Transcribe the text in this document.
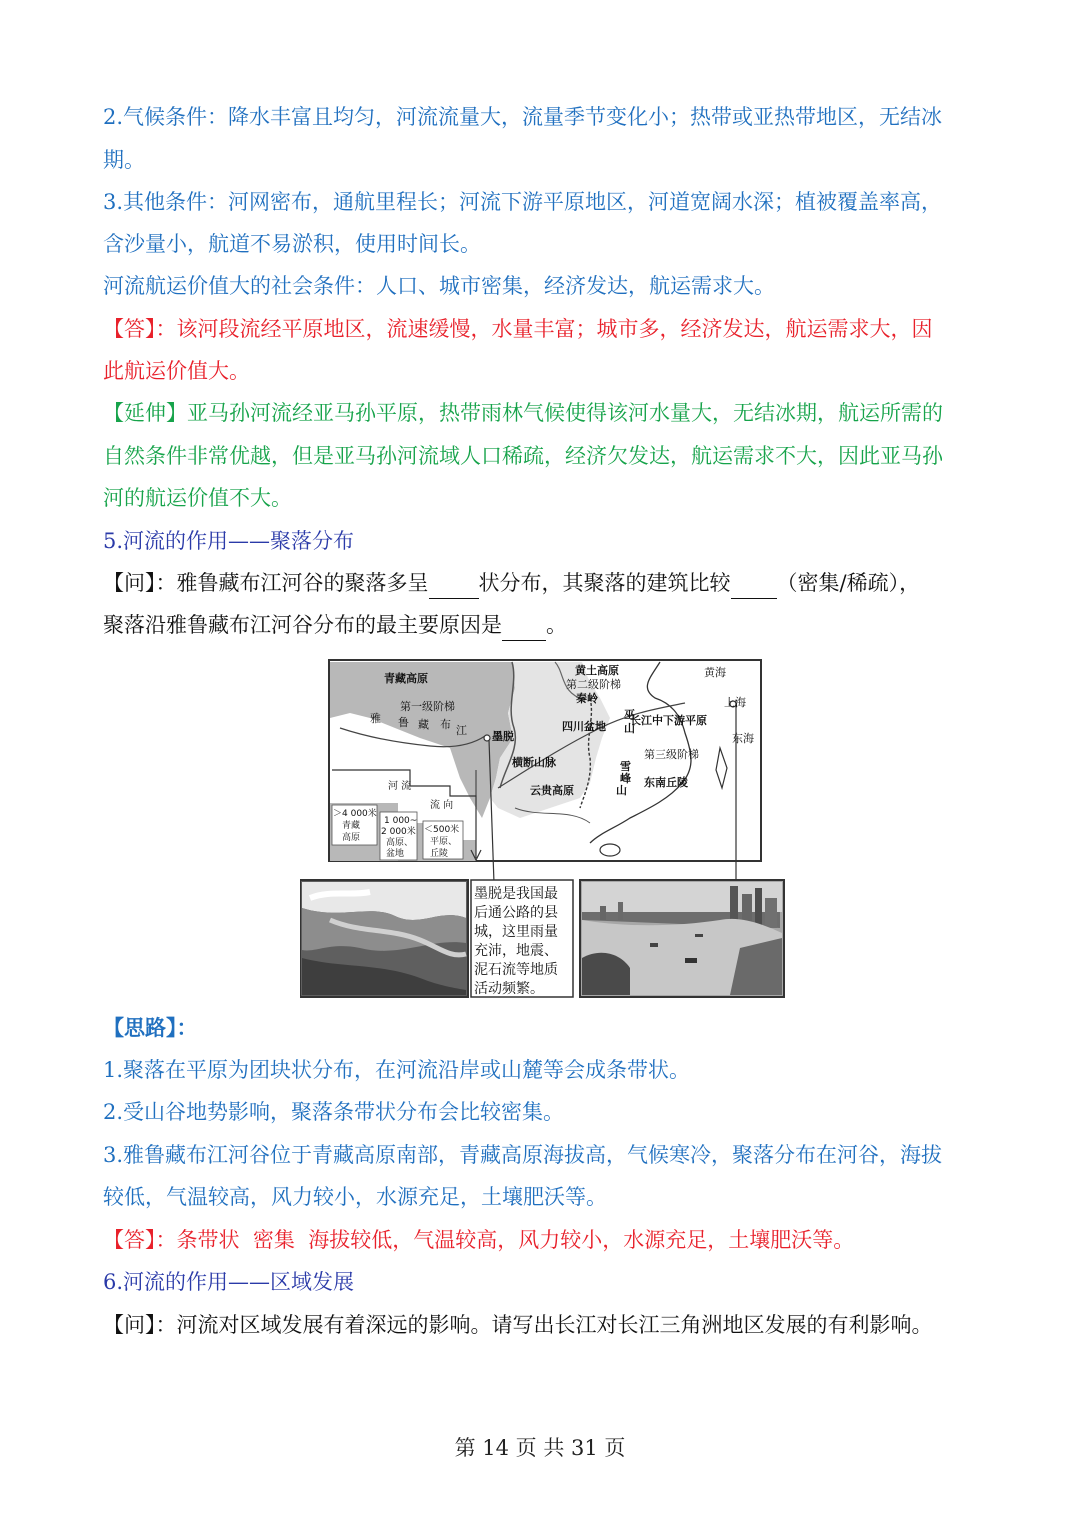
2.气候条件：降水丰富且均匀，河流流量大，流量季节变化小；热带或亚热带地区，无结冰
期。
3.其他条件：河网密布，通航里程长；河流下游平原地区，河道宽阔水深；植被覆盖率高，
含沙量小，航道不易淤积，使用时间长。
河流航运价值大的社会条件：人口、城市密集，经济发达，航运需求大。
【答】：该河段流经平原地区，流速缓慢，水量丰富；城市多，经济发达，航运需求大，因
此航运价值大。
【延伸】亚马孙河流经亚马孙平原，热带雨林气候使得该河水量大，无结冰期，航运所需的
自然条件非常优越，但是亚马孙河流域人口稀疏，经济欠发达，航运需求不大，因此亚马孙
河的航运价值不大。
5.河流的作用——聚落分布
【问】：雅鲁藏布江河谷的聚落多呈 状分布，其聚落的建筑比较 （密集/稀疏），
聚落沿雅鲁藏布江河谷分布的最主要原因是 。
青藏高原
第一级阶梯
雅 鲁 藏 布 江 墨脱
黄土高原
第二级阶梯
秦岭
四川盆地
横断山脉
云贵高原
巫
山
雪
峰
山
长江中下游平原
第三级阶梯
东南丘陵
黄海
上海
东海
河 流
流 向
＞4 000米
青藏
高原
1 000~
2 000米
高原、
盆地
＜500米
平原、
丘陵
墨脱是我国最
后通公路的县
城，这里雨量
充沛，地震、
泥石流等地质
活动频繁。
【思路】：
1.聚落在平原为团块状分布，在河流沿岸或山麓等会成条带状。
2.受山谷地势影响，聚落条带状分布会比较密集。
3.雅鲁藏布江河谷位于青藏高原南部，青藏高原海拔高，气候寒冷，聚落分布在河谷，海拔
较低，气温较高，风力较小，水源充足，土壤肥沃等。
【答】：条带状  密集  海拔较低，气温较高，风力较小，水源充足，土壤肥沃等。
6.河流的作用——区域发展
【问】：河流对区域发展有着深远的影响。请写出长江对长江三角洲地区发展的有利影响。
第 14 页 共 31 页
